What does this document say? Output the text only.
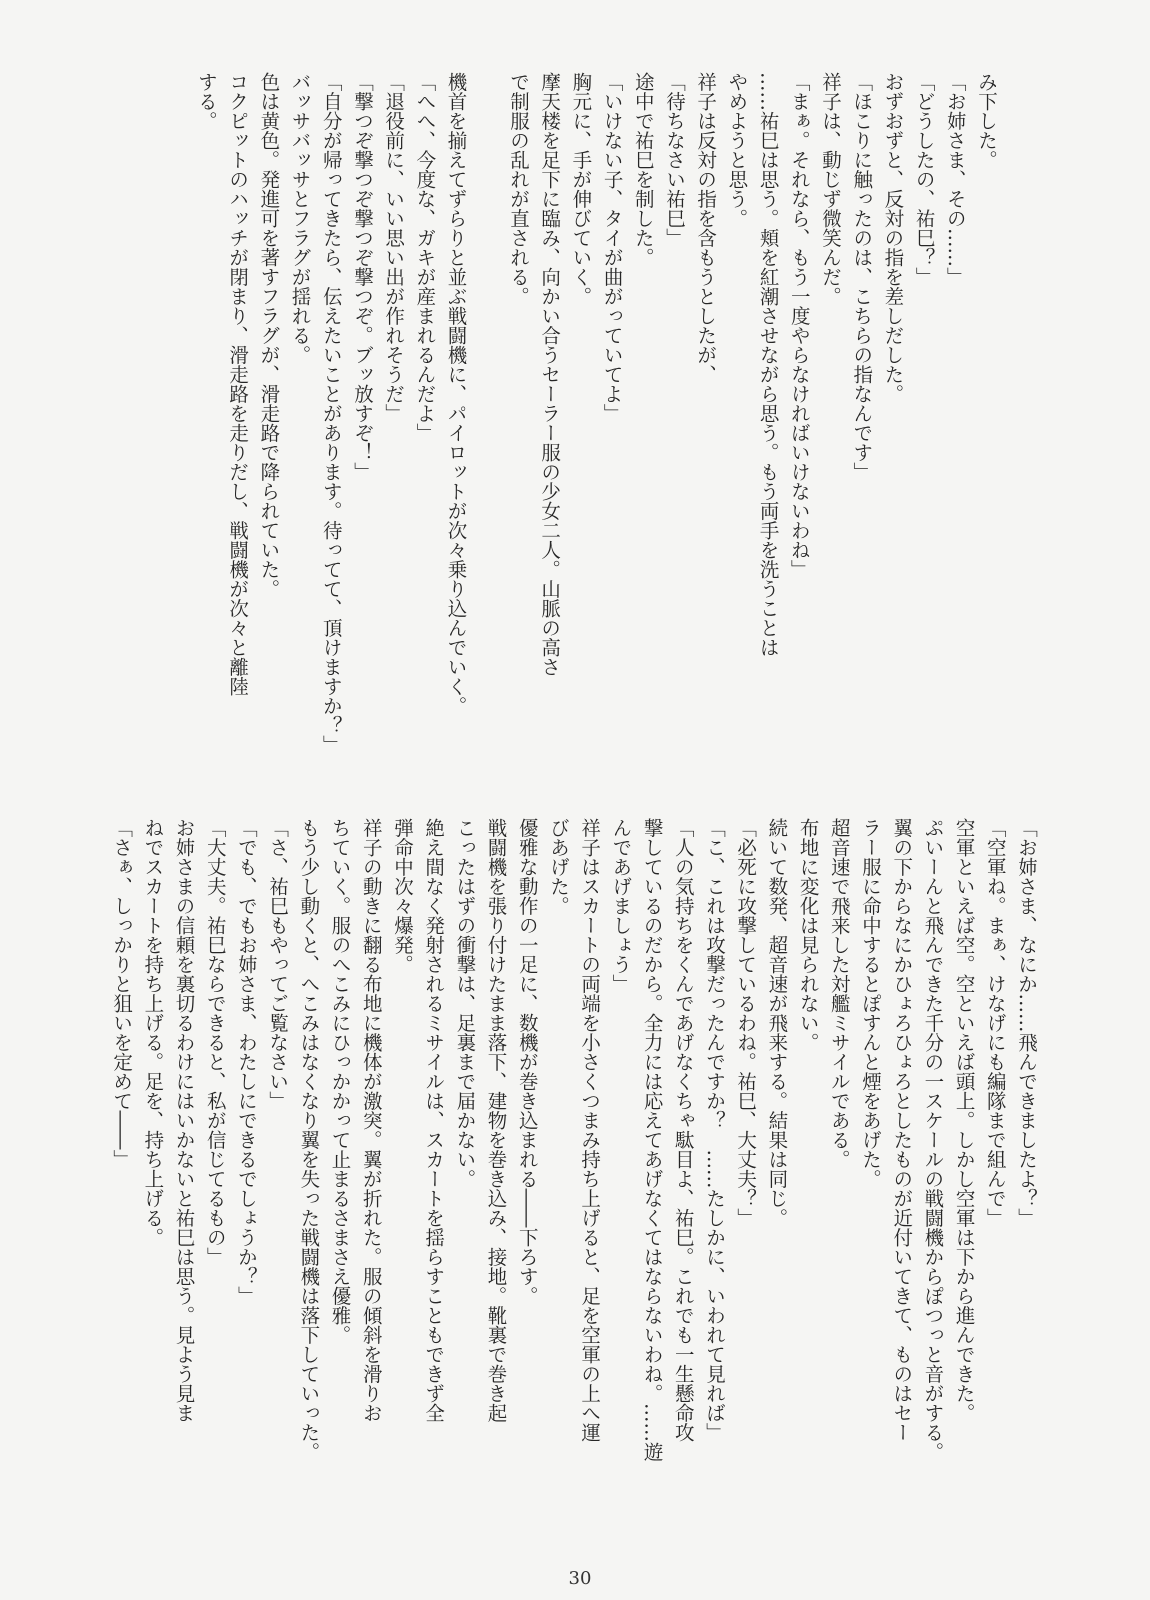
み下した。
「お姉さま、その……」
「どうしたの、祐巳？」
おずおずと、反対の指を差しだした。
「ほこりに触ったのは、こちらの指なんです」
祥子は、動じず微笑んだ。
「まぁ。それなら、もう一度やらなければいけないわね」
……祐巳は思う。頬を紅潮させながら思う。もう両手を洗うことは
やめようと思う。
祥子は反対の指を含もうとしたが、
「待ちなさい祐巳」
途中で祐巳を制した。
「いけない子、タイが曲がっていてよ」
胸元に、手が伸びていく。
摩天楼を足下に臨み、向かい合うセーラー服の少女二人。山脈の高さ
で制服の乱れが直される。

機首を揃えてずらりと並ぶ戦闘機に、パイロットが次々乗り込んでいく。
「へへ、今度な、ガキが産まれるんだよ」
「退役前に、いい思い出が作れそうだ」
「撃つぞ撃つぞ撃つぞ撃つぞ。ブッ放すぞ！」
「自分が帰ってきたら、伝えたいことがあります。待ってて、頂けますか？」
バッサバッサとフラグが揺れる。
色は黄色。発進可を著すフラグが、滑走路で降られていた。
コクピットのハッチが閉まり、滑走路を走りだし、戦闘機が次々と離陸
する。
「お姉さま、なにか……飛んできましたよ？」
「空軍ね。まぁ、けなげにも編隊まで組んで」
空軍といえば空。空といえば頭上。しかし空軍は下から進んできた。
ぷいーんと飛んできた千分の一スケールの戦闘機からぽつっと音がする。
翼の下からなにかひょろひょろとしたものが近付いてきて、ものはセー
ラー服に命中するとぽすんと煙をあげた。
超音速で飛来した対艦ミサイルである。
布地に変化は見られない。
続いて数発、超音速が飛来する。結果は同じ。
「必死に攻撃しているわね。祐巳、大丈夫？」
「こ、これは攻撃だったんですか？　……たしかに、いわれて見れば」
「人の気持ちをくんであげなくちゃ駄目よ、祐巳。これでも一生懸命攻
撃しているのだから。全力には応えてあげなくてはならないわね。……遊
んであげましょう」
祥子はスカートの両端を小さくつまみ持ち上げると、足を空軍の上へ運
びあげた。
優雅な動作の一足に、数機が巻き込まれる――下ろす。
戦闘機を張り付けたまま落下、建物を巻き込み、接地。靴裏で巻き起
こったはずの衝撃は、足裏まで届かない。
絶え間なく発射されるミサイルは、スカートを揺らすこともできず全
弾命中次々爆発。
祥子の動きに翻る布地に機体が激突。翼が折れた。服の傾斜を滑りお
ちていく。服のへこみにひっかかって止まるさまさえ優雅。
もう少し動くと、へこみはなくなり翼を失った戦闘機は落下していった。
「さ、祐巳もやってご覧なさい」
「でも、でもお姉さま、わたしにできるでしょうか？」
「大丈夫。祐巳ならできると、私が信じてるもの」
お姉さまの信頼を裏切るわけにはいかないと祐巳は思う。見よう見ま
ねでスカートを持ち上げる。足を、持ち上げる。
「さぁ、しっかりと狙いを定めて――」
30
